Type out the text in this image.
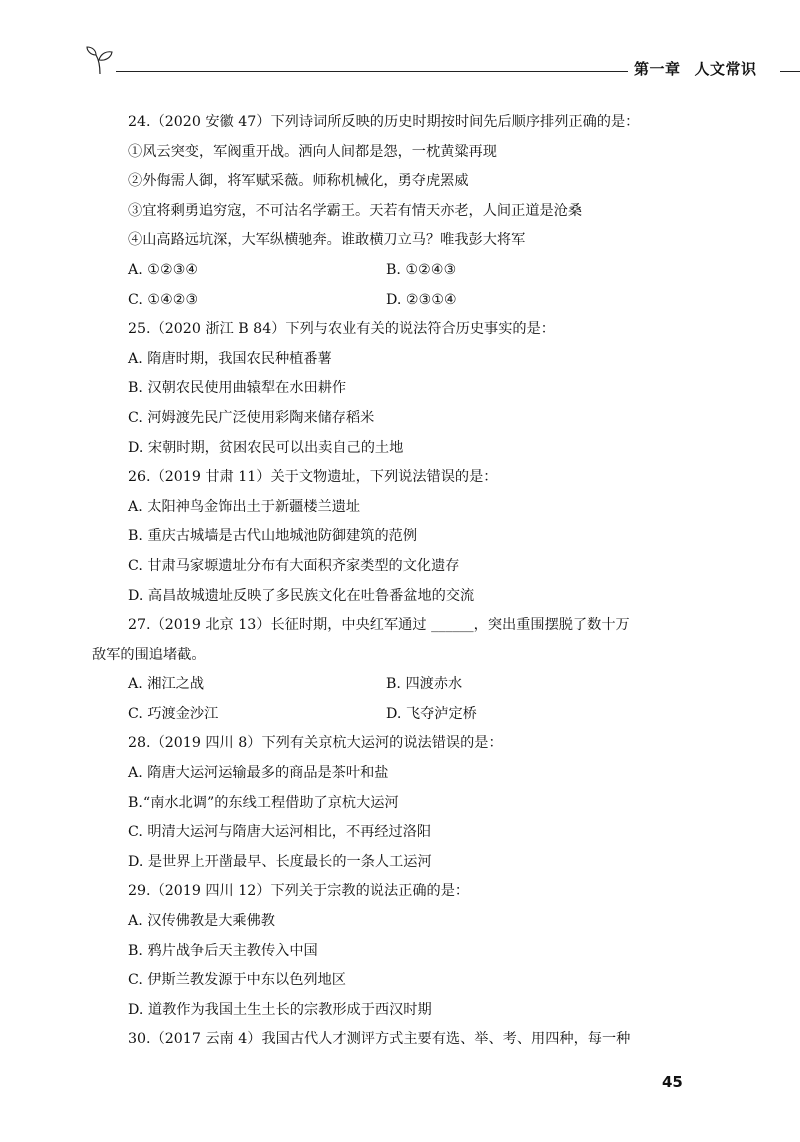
第一章 人文常识
24.（2020 安徽 47）下列诗词所反映的历史时期按时间先后顺序排列正确的是：
①风云突变，军阀重开战。洒向人间都是怨，一枕黄粱再现
②外侮需人御，将军赋采薇。师称机械化，勇夺虎罴威
③宜将剩勇追穷寇，不可沽名学霸王。天若有情天亦老，人间正道是沧桑
④山高路远坑深，大军纵横驰奔。谁敢横刀立马？唯我彭大将军
A. ①②③④	B. ①②④③
C. ①④②③	D. ②③①④
25.（2020 浙江 B 84）下列与农业有关的说法符合历史事实的是：
A. 隋唐时期，我国农民种植番薯
B. 汉朝农民使用曲辕犁在水田耕作
C. 河姆渡先民广泛使用彩陶来储存稻米
D. 宋朝时期，贫困农民可以出卖自己的土地
26.（2019 甘肃 11）关于文物遗址，下列说法错误的是：
A. 太阳神鸟金饰出土于新疆楼兰遗址
B. 重庆古城墙是古代山地城池防御建筑的范例
C. 甘肃马家塬遗址分布有大面积齐家类型的文化遗存
D. 高昌故城遗址反映了多民族文化在吐鲁番盆地的交流
27.（2019 北京 13）长征时期，中央红军通过 ______，突出重围摆脱了数十万
敌军的围追堵截。
A. 湘江之战	B. 四渡赤水
C. 巧渡金沙江	D. 飞夺泸定桥
28.（2019 四川 8）下列有关京杭大运河的说法错误的是：
A. 隋唐大运河运输最多的商品是茶叶和盐
B.“南水北调”的东线工程借助了京杭大运河
C. 明清大运河与隋唐大运河相比，不再经过洛阳
D. 是世界上开凿最早、长度最长的一条人工运河
29.（2019 四川 12）下列关于宗教的说法正确的是：
A. 汉传佛教是大乘佛教
B. 鸦片战争后天主教传入中国
C. 伊斯兰教发源于中东以色列地区
D. 道教作为我国土生土长的宗教形成于西汉时期
30.（2017 云南 4）我国古代人才测评方式主要有选、举、考、用四种，每一种
45
